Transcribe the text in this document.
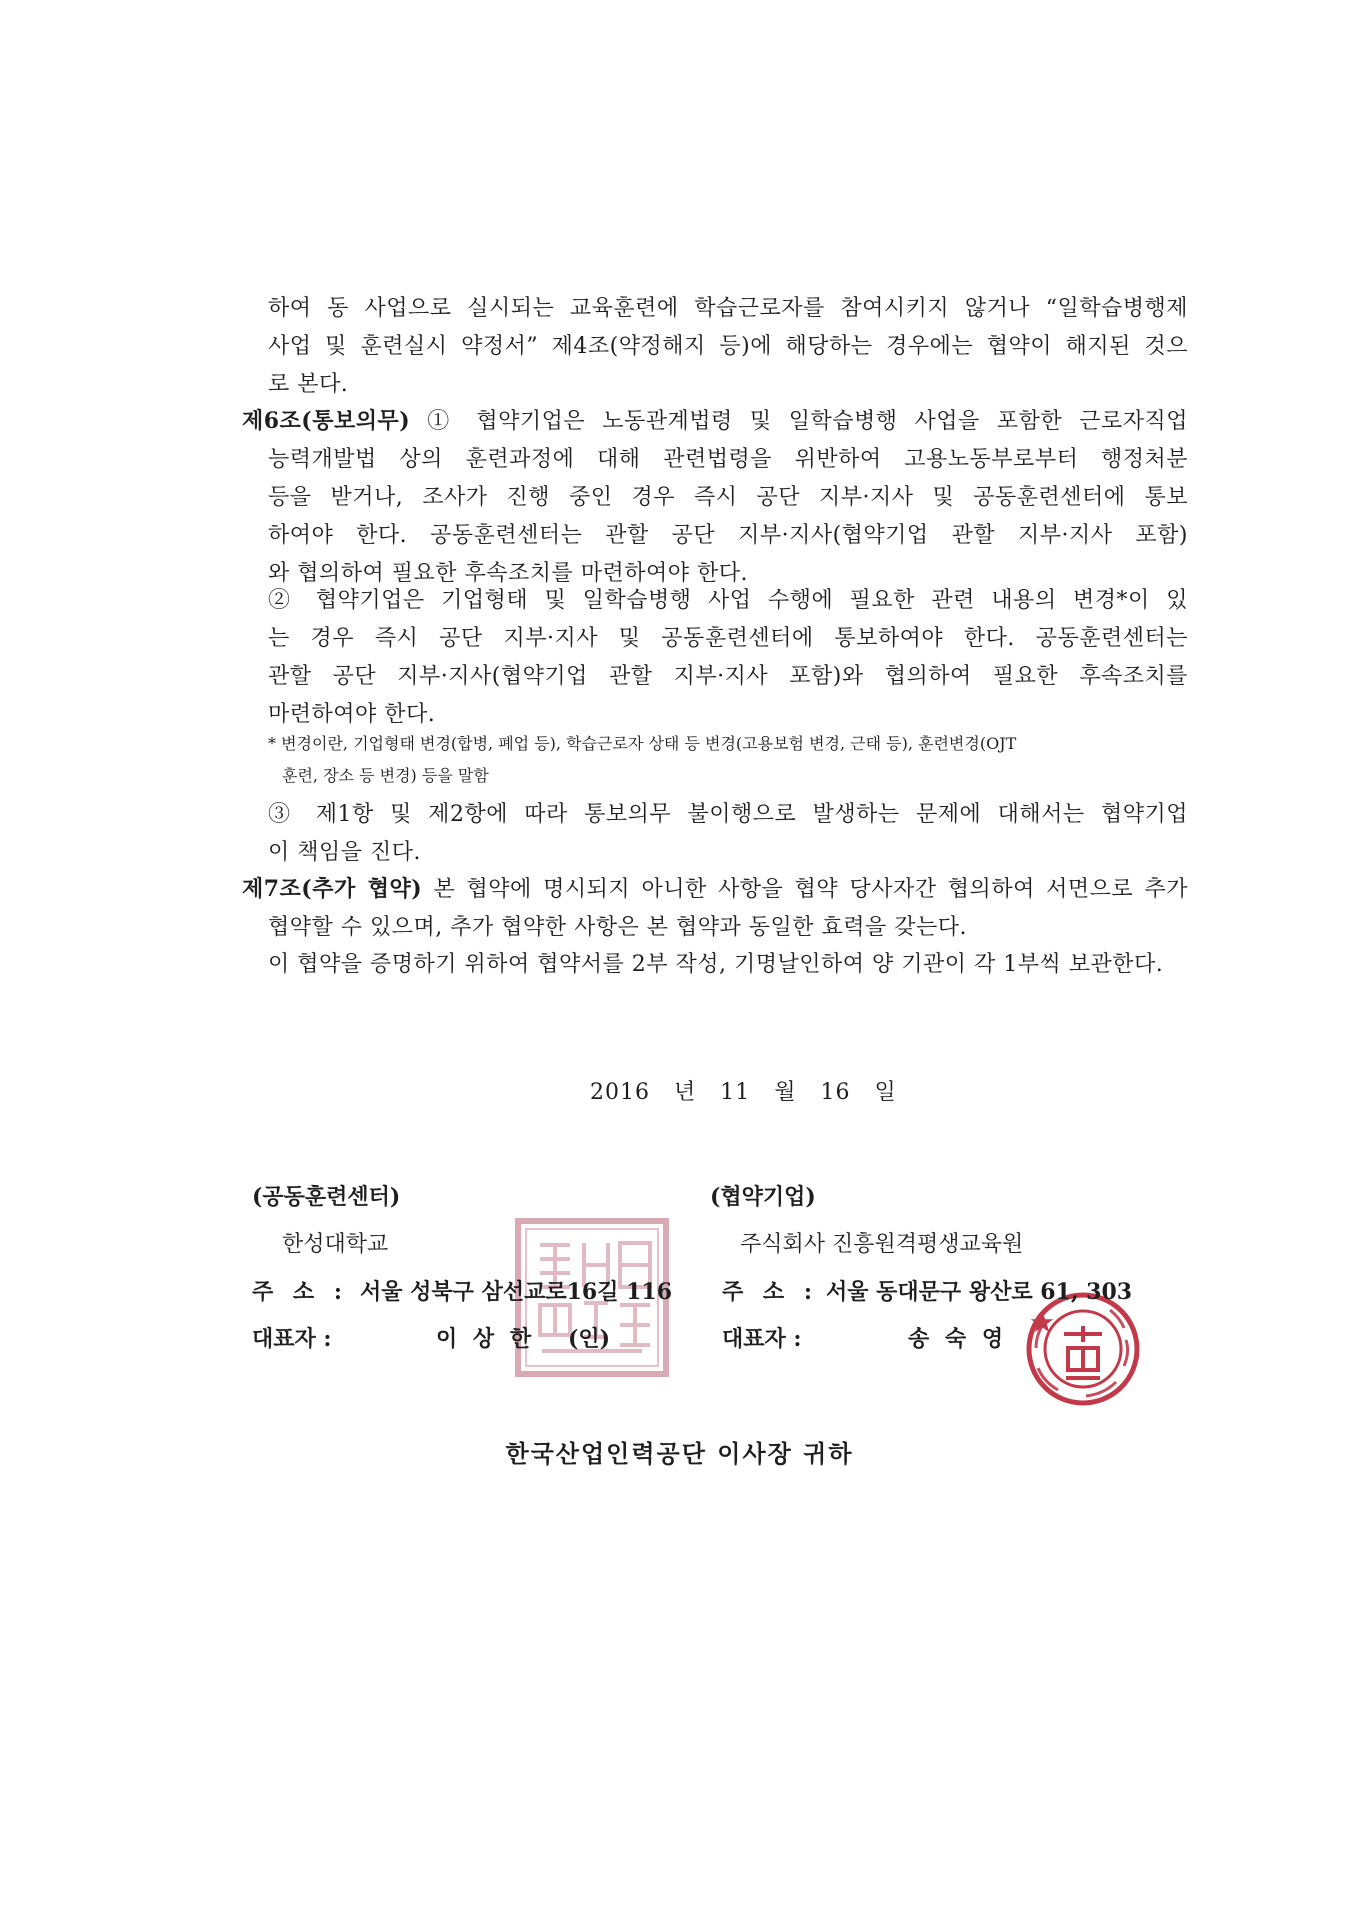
하여 동 사업으로 실시되는 교육훈련에 학습근로자를 참여시키지 않거나 “일학습병행제
사업 및 훈련실시 약정서” 제4조(약정해지 등)에 해당하는 경우에는 협약이 해지된 것으
로 본다.
제6조(통보의무) ① 협약기업은 노동관계법령 및 일학습병행 사업을 포함한 근로자직업
능력개발법 상의 훈련과정에 대해 관련법령을 위반하여 고용노동부로부터 행정처분
등을 받거나, 조사가 진행 중인 경우 즉시 공단 지부·지사 및 공동훈련센터에 통보
하여야 한다. 공동훈련센터는 관할 공단 지부·지사(협약기업 관할 지부·지사 포함)
와 협의하여 필요한 후속조치를 마련하여야 한다.
② 협약기업은 기업형태 및 일학습병행 사업 수행에 필요한 관련 내용의 변경*이 있
는 경우 즉시 공단 지부·지사 및 공동훈련센터에 통보하여야 한다. 공동훈련센터는
관할 공단 지부·지사(협약기업 관할 지부·지사 포함)와 협의하여 필요한 후속조치를
마련하여야 한다.
* 변경이란, 기업형태 변경(합병, 폐업 등), 학습근로자 상태 등 변경(고용보험 변경, 근태 등), 훈련변경(OJT
훈련, 장소 등 변경) 등을 말함
③ 제1항 및 제2항에 따라 통보의무 불이행으로 발생하는 문제에 대해서는 협약기업
이 책임을 진다.
제7조(추가 협약) 본 협약에 명시되지 아니한 사항을 협약 당사자간 협의하여 서면으로 추가
협약할 수 있으며, 추가 협약한 사항은 본 협약과 동일한 효력을 갖는다.
이 협약을 증명하기 위하여 협약서를 2부 작성, 기명날인하여 양 기관이 각 1부씩 보관한다.
2016 년 11 월 16 일
(공동훈련센터)
한성대학교
주 소 : 서울 성북구 삼선교로16길 116
대표자 :	이 상 한 (인)
(협약기업)
주식회사 진흥원격평생교육원
주 소 : 서울 동대문구 왕산로 61, 303
대표자 :	송 숙 영
한국산업인력공단 이사장 귀하
